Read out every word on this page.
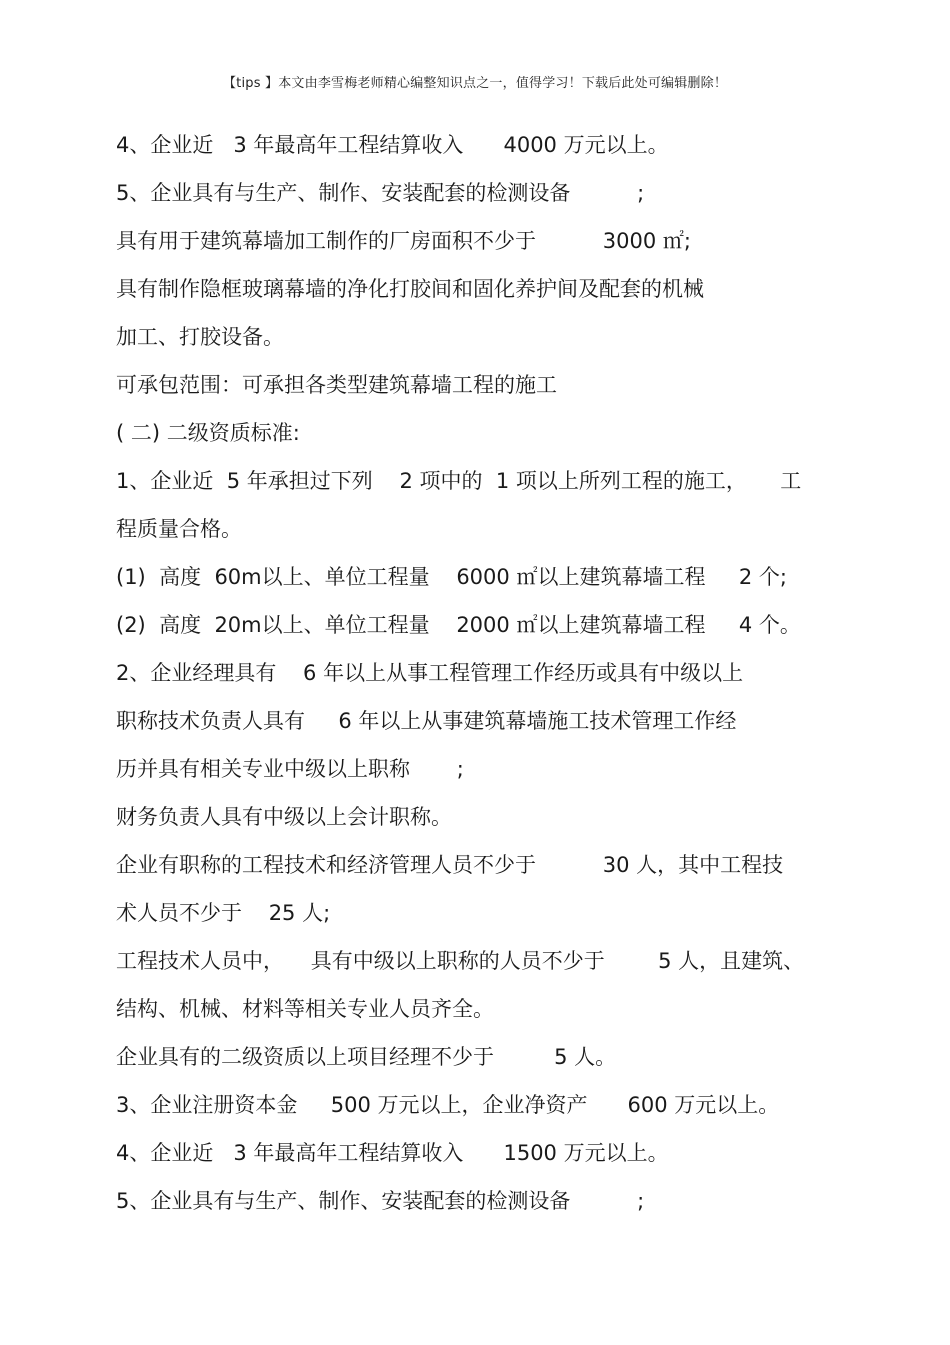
【tips 】本文由李雪梅老师精心编整知识点之一，值得学习！下载后此处可编辑删除！
4、企业近   3 年最高年工程结算收入      4000 万元以上。
5、企业具有与生产、制作、安装配套的检测设备          ;
具有用于建筑幕墙加工制作的厂房面积不少于          3000 ㎡;
具有制作隐框玻璃幕墙的净化打胶间和固化养护间及配套的机械
加工、打胶设备。
可承包范围：可承担各类型建筑幕墙工程的施工
( 二) 二级资质标准:
1、企业近  5 年承担过下列    2 项中的  1 项以上所列工程的施工，     工
程质量合格。
(1)  高度  60m以上、单位工程量    6000 ㎡以上建筑幕墙工程     2 个;
(2)  高度  20m以上、单位工程量    2000 ㎡以上建筑幕墙工程     4 个。
2、企业经理具有    6 年以上从事工程管理工作经历或具有中级以上
职称技术负责人具有     6 年以上从事建筑幕墙施工技术管理工作经
历并具有相关专业中级以上职称       ;
财务负责人具有中级以上会计职称。
企业有职称的工程技术和经济管理人员不少于          30 人，其中工程技
术人员不少于    25 人;
工程技术人员中，    具有中级以上职称的人员不少于        5 人，且建筑、
结构、机械、材料等相关专业人员齐全。
企业具有的二级资质以上项目经理不少于         5 人。
3、企业注册资本金     500 万元以上，企业净资产      600 万元以上。
4、企业近   3 年最高年工程结算收入      1500 万元以上。
5、企业具有与生产、制作、安装配套的检测设备          ;
